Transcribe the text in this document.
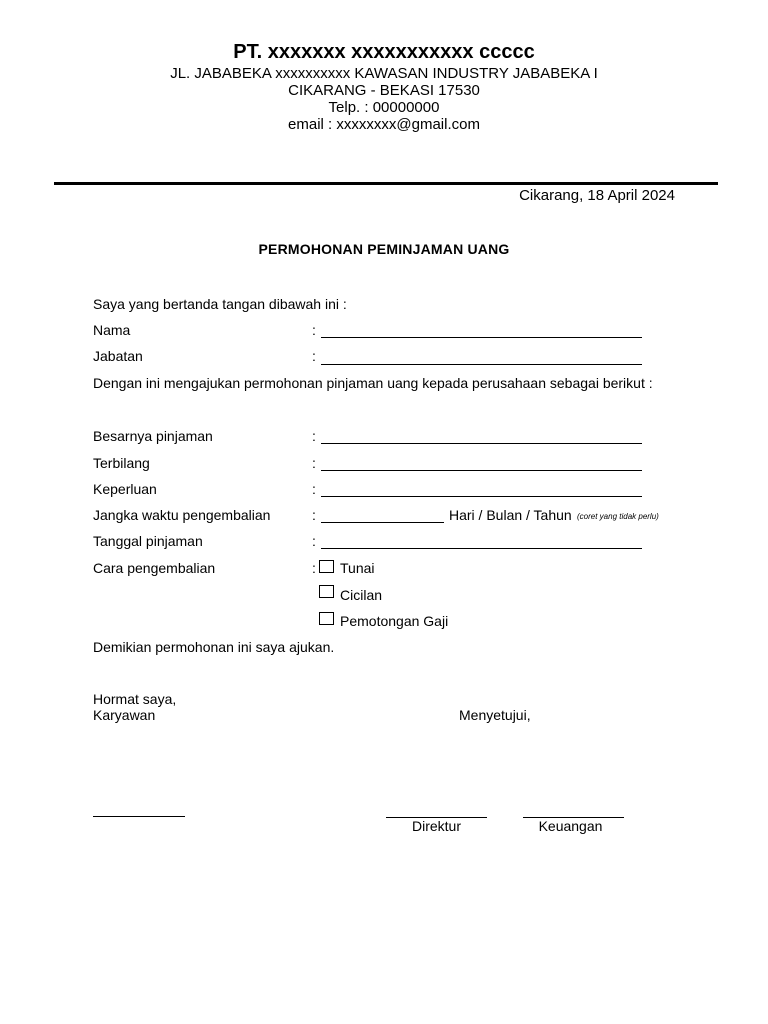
PT. xxxxxxx xxxxxxxxxxx ccccc
JL. JABABEKA xxxxxxxxxx KAWASAN INDUSTRY JABABEKA I
CIKARANG - BEKASI 17530
Telp. : 00000000
email : xxxxxxxx@gmail.com
Cikarang, 18 April 2024
PERMOHONAN PEMINJAMAN UANG
Saya yang bertanda tangan dibawah ini :
Nama	:
Jabatan	:
Dengan ini mengajukan permohonan pinjaman uang kepada perusahaan sebagai berikut :
Besarnya pinjaman	:
Terbilang	:
Keperluan	:
Jangka waktu pengembalian	:	Hari / Bulan / Tahun (coret yang tidak perlu)
Tanggal pinjaman	:
Cara pengembalian	: Tunai
Cicilan
Pemotongan Gaji
Demikian permohonan ini saya ajukan.
Hormat saya,
Karyawan	Menyetujui,
Direktur	Keuangan
